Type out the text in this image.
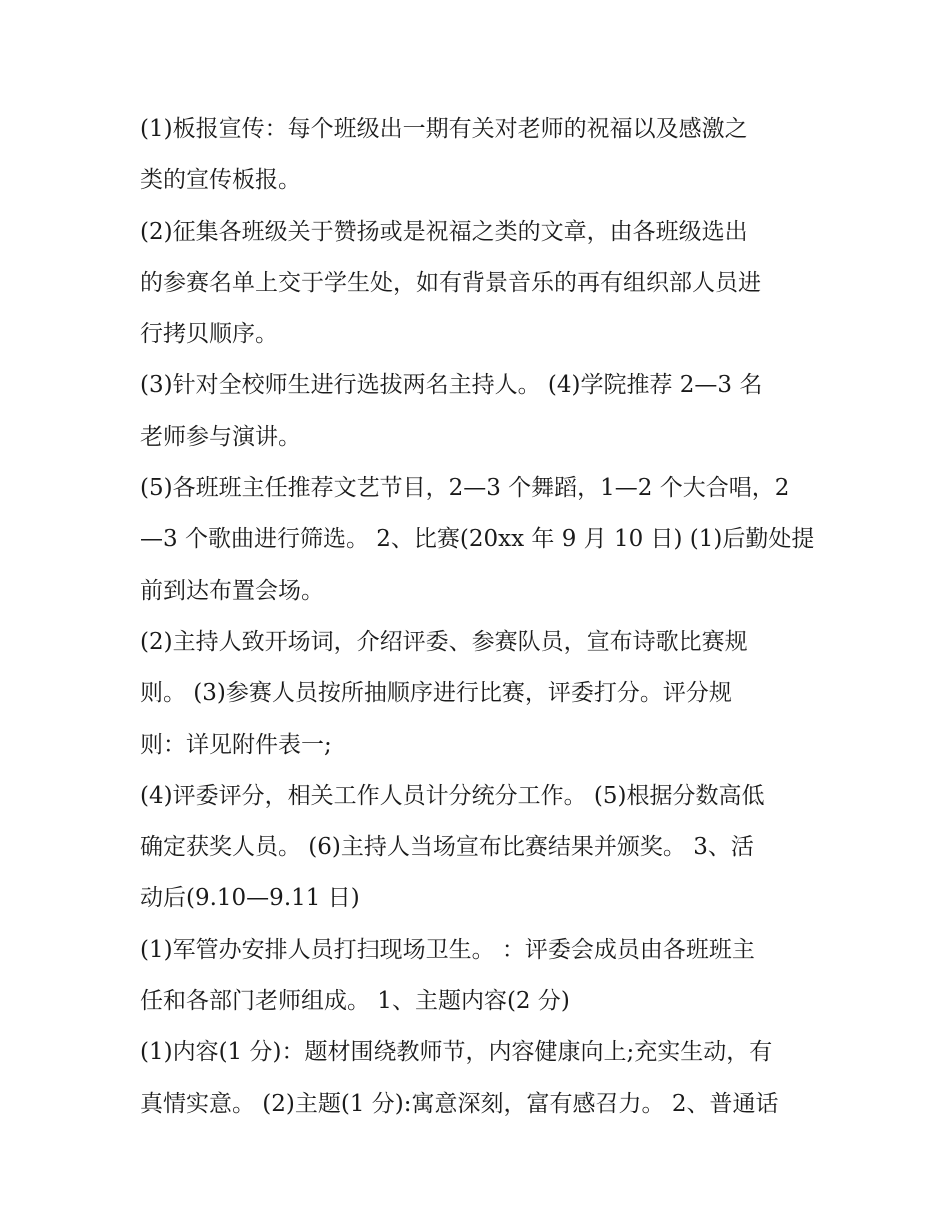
(1)板报宣传：每个班级出一期有关对老师的祝福以及感激之
类的宣传板报。
(2)征集各班级关于赞扬或是祝福之类的文章，由各班级选出
的参赛名单上交于学生处，如有背景音乐的再有组织部人员进
行拷贝顺序。
(3)针对全校师生进行选拔两名主持人。 (4)学院推荐 2—3 名
老师参与演讲。
(5)各班班主任推荐文艺节目，2—3 个舞蹈，1—2 个大合唱，2
—3 个歌曲进行筛选。 2、比赛(20xx 年 9 月 10 日) (1)后勤处提
前到达布置会场。
(2)主持人致开场词，介绍评委、参赛队员，宣布诗歌比赛规
则。 (3)参赛人员按所抽顺序进行比赛，评委打分。评分规
则：详见附件表一;
(4)评委评分，相关工作人员计分统分工作。 (5)根据分数高低
确定获奖人员。 (6)主持人当场宣布比赛结果并颁奖。 3、活
动后(9.10—9.11 日)
(1)军管办安排人员打扫现场卫生。 ：评委会成员由各班班主
任和各部门老师组成。 1、主题内容(2 分)
(1)内容(1 分)：题材围绕教师节，内容健康向上;充实生动，有
真情实意。 (2)主题(1 分):寓意深刻，富有感召力。 2、普通话
